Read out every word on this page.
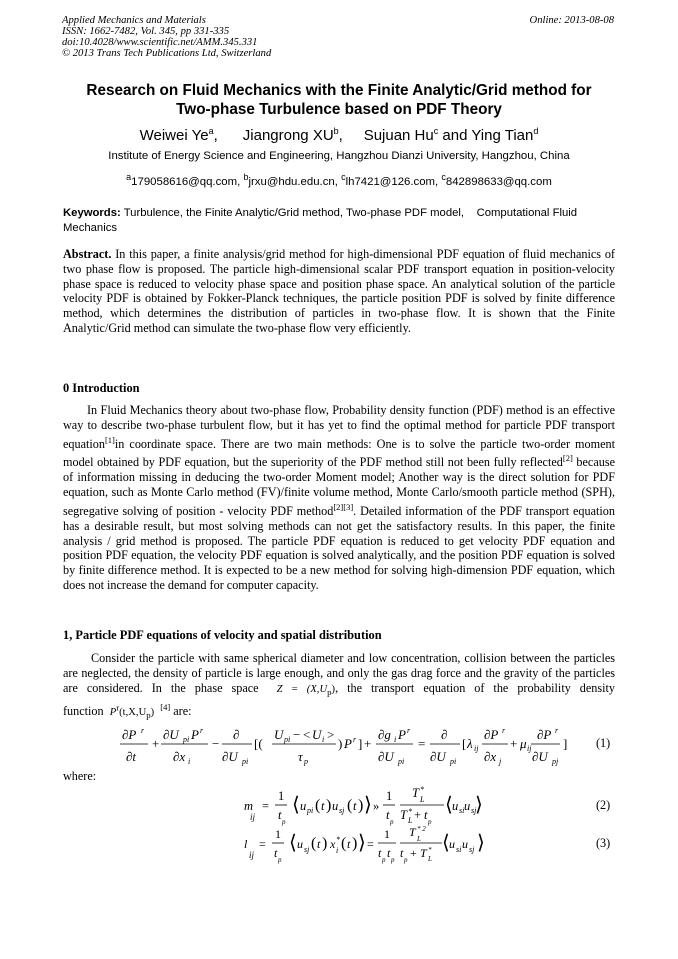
Applied Mechanics and Materials
ISSN: 1662-7482, Vol. 345, pp 331-335
doi:10.4028/www.scientific.net/AMM.345.331
© 2013 Trans Tech Publications Ltd, Switzerland
Online: 2013-08-08
Research on Fluid Mechanics with the Finite Analytic/Grid method for
Two-phase Turbulence based on PDF Theory
Weiwei Ye$^a$, Jiangrong $XU^b$, Sujuan Hu$^c$ and Ying Tian$^d$
Institute of Energy Science and Engineering, Hangzhou Dianzi University, Hangzhou, China
$^a$179058616@qq.com, $^b$jrxu@hdu.edu.cn, $^c$lh7421@126.com, $^c$842898633@qq.com
Keywords: Turbulence, the Finite Analytic/Grid method, Two-phase PDF model,    Computational Fluid Mechanics
Abstract. In this paper, a finite analysis/grid method for high-dimensional PDF equation of fluid mechanics of two phase flow is proposed. The particle high-dimensional scalar PDF transport equation in position-velocity phase space is reduced to velocity phase space and position phase space. An analytical solution of the particle velocity PDF is obtained by Fokker-Planck techniques, the particle position PDF is solved by finite difference method, which determines the distribution of particles in two-phase flow. It is shown that the Finite Analytic/Grid method can simulate the two-phase flow very efficiently.
0 Introduction
In Fluid Mechanics theory about two-phase flow, Probability density function (PDF) method is an effective way to describe two-phase turbulent flow, but it has yet to find the optimal method for particle PDF transport equation[1]in coordinate space. There are two main methods: One is to solve the particle two-order moment model obtained by PDF equation, but the superiority of the PDF method still not been fully reflected[2] because of information missing in deducing the two-order Moment model; Another way is the direct solution for PDF equation, such as Monte Carlo method (FV)/finite volume method, Monte Carlo/smooth particle method (SPH), segregative solving of position - velocity PDF method[2][3]. Detailed information of the PDF transport equation has a desirable result, but most solving methods can not get the satisfactory results. In this paper, the finite analysis / grid method is proposed. The particle PDF equation is reduced to get velocity PDF equation and position PDF equation, the velocity PDF equation is solved analytically, and the position PDF equation is solved by finite difference method. It is expected to be a new method for solving high-dimension PDF equation, which does not increase the demand for computer capacity.
1, Particle PDF equations of velocity and spatial distribution
Consider the particle with same spherical diameter and low concentration, collision between the particles are neglected, the density of particle is large enough, and only the gas drag force and the gravity of the particles are considered. In the phase space $Z = (X,U_p)$, the transport equation of the probability density function $P^r(t,X,U_p)$  [4] are:
∂P r
∂t
+
∂U pi P r
∂x i
−
∂
∂U pi
[(
U pi − < U i >
τ p
) P r ] +
∂g i P r
∂U pi
=
∂
∂U pi
[ λ ij
∂P r
∂x j
+ μ ij
∂P r
∂U pj
] (1)
where:
m
ij
=
1
t p
⟨ u pi ( t ) u sj ( t ) ⟩ »
1
t p
T *
L
T *
L + t p
⟨ u si u sj
⟩	(2)
l
ij
=
1
t p
⟨ u sj ( t ) x *
i ( t ) ⟩ =
1
t p t p
T * 2
L
t p + T *
L
⟨ u si u sj ⟩	(3)
